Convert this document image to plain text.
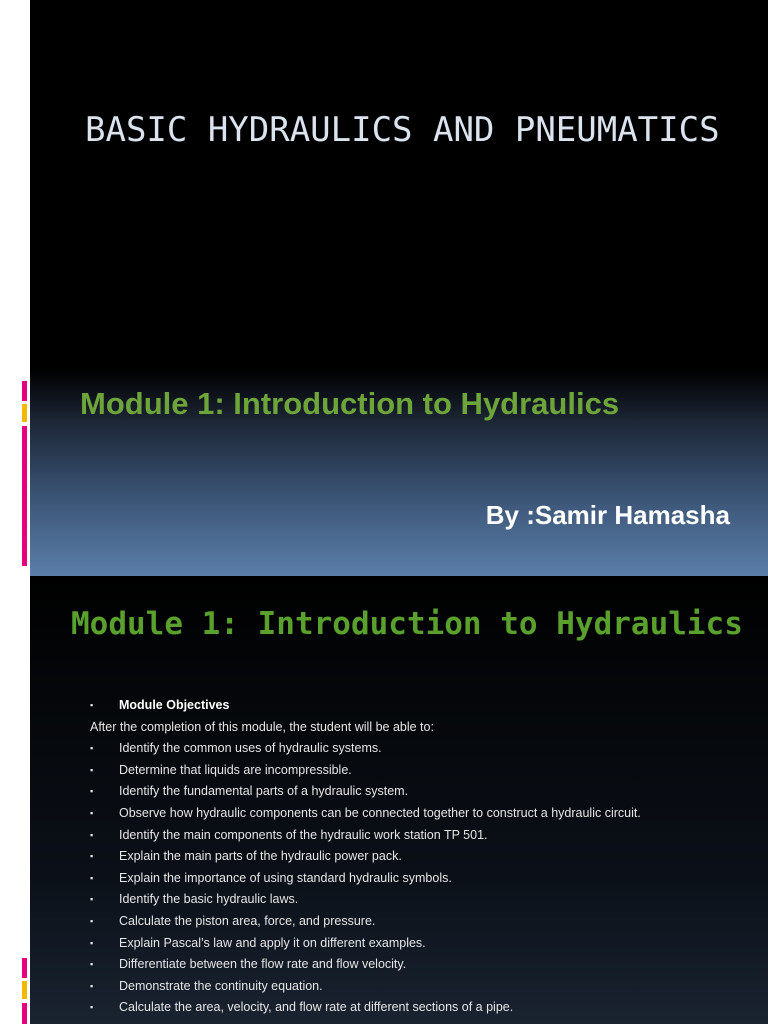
BASIC HYDRAULICS AND PNEUMATICS
Module 1: Introduction to Hydraulics
By :Samir Hamasha
Module 1: Introduction to Hydraulics
▪ Module Objectives
After the completion of this module, the student will be able to:
▪ Identify the common uses of hydraulic systems.
▪ Determine that liquids are incompressible.
▪ Identify the fundamental parts of a hydraulic system.
▪ Observe how hydraulic components can be connected together to construct a hydraulic circuit.
▪ Identify the main components of the hydraulic work station TP 501.
▪ Explain the main parts of the hydraulic power pack.
▪ Explain the importance of using standard hydraulic symbols.
▪ Identify the basic hydraulic laws.
▪ Calculate the piston area, force, and pressure.
▪ Explain Pascal’s law and apply it on different examples.
▪ Differentiate between the flow rate and flow velocity.
▪ Demonstrate the continuity equation.
▪ Calculate the area, velocity, and flow rate at different sections of a pipe.
